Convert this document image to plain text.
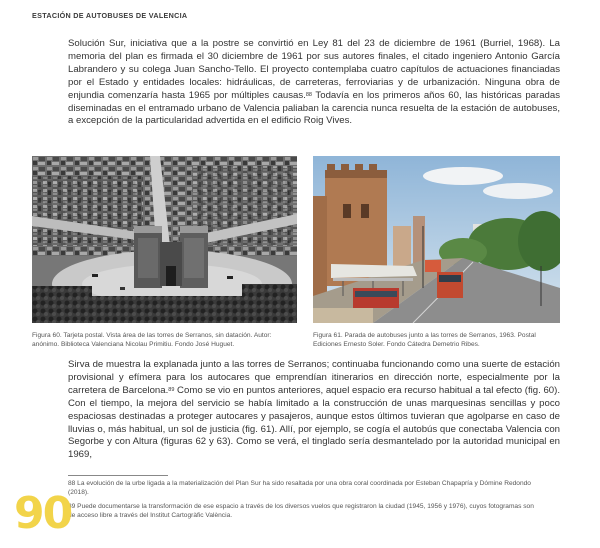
ESTACIÓN DE AUTOBUSES DE VALENCIA
Solución Sur, iniciativa que a la postre se convirtió en Ley 81 del 23 de diciembre de 1961 (Burriel, 1968). La memoria del plan es firmada el 30 diciembre de 1961 por sus autores finales, el citado ingeniero Antonio García Labrandero y su colega Juan Sancho-Tello. El proyecto contemplaba cuatro capítulos de actuaciones financiadas por el Estado y entidades locales: hidráulicas, de carreteras, ferroviarias y de urbanización. Ninguna obra de enjundia comenzaría hasta 1965 por múltiples causas.$^{88}$ Todavía en los primeros años 60, las históricas paradas diseminadas en el entramado urbano de Valencia paliaban la carencia nunca resuelta de la estación de autobuses, a excepción de la particularidad advertida en el edificio Roig Vives.
Figura 60. Tarjeta postal. Vista área de las torres de Serranos, sin datación. Autor: anónimo. Biblioteca Valenciana Nicolau Primitiu. Fondo José Huguet.
Figura 61. Parada de autobuses junto a las torres de Serranos, 1963. Postal Ediciones Ernesto Soler. Fondo Cátedra Demetrio Ribes.
Sirva de muestra la explanada junto a las torres de Serranos; continuaba funcionando como una suerte de estación provisional y efímera para los autocares que emprendían itinerarios en dirección norte, especialmente por la carretera de Barcelona.$^{89}$ Como se vio en puntos anteriores, aquel espacio era recurso habitual a tal efecto (fig. 60). Con el tiempo, la mejora del servicio se había limitado a la construcción de unas marquesinas sencillas y poco espaciosas destinadas a proteger autocares y pasajeros, aunque estos últimos tuvieran que agolparse en caso de lluvias o, más habitual, un sol de justicia (fig. 61). Allí, por ejemplo, se cogía el autobús que conectaba Valencia con Segorbe y con Altura (figuras 62 y 63). Como se verá, el tinglado sería desmantelado por la autoridad municipal en 1969,
88 La evolución de la urbe ligada a la materialización del Plan Sur ha sido resaltada por una obra coral coordinada por Esteban Chapapría y Dómine Redondo (2018).
89 Puede documentarse la transformación de ese espacio a través de los diversos vuelos que registraron la ciudad (1945, 1956 y 1976), cuyos fotogramas son de acceso libre a través del Institut Cartogràfic València.
90
